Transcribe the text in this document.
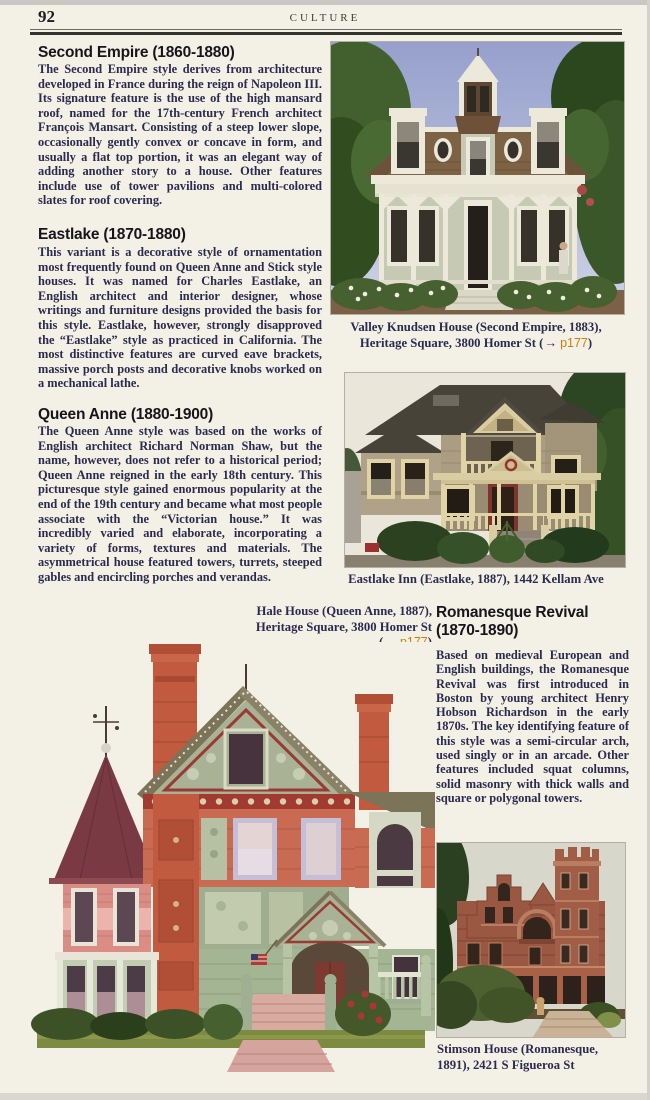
92	CULTURE
Second Empire (1860-1880)
The Second Empire style derives from architecture developed in France during the reign of Napoleon III. Its signature feature is the use of the high mansard roof, named for the 17th-century French architect François Mansart. Consisting of a steep lower slope, occasionally gently convex or concave in form, and usually a flat top portion, it was an elegant way of adding another story to a house. Other features include use of tower pavilions and multi-colored slates for roof covering.
Eastlake (1870-1880)
This variant is a decorative style of ornamentation most frequently found on Queen Anne and Stick style houses. It was named for Charles Eastlake, an English architect and interior designer, whose writings and furniture designs provided the basis for this style. Eastlake, however, strongly disapproved the “Eastlake” style as practiced in California. The most distinctive features are curved eave brackets, massive porch posts and decorative knobs worked on a mechanical lathe.
Queen Anne (1880-1900)
The Queen Anne style was based on the works of English architect Richard Norman Shaw, but the name, however, does not refer to a historical period; Queen Anne reigned in the early 18th century. This picturesque style gained enormous popularity at the end of the 19th century and became what most people associate with the “Victorian house.” It was incredibly varied and elaborate, incorporating a variety of forms, textures and materials. The asymmetrical house featured towers, turrets, steeped gables and encircling porches and verandas.
Valley Knudsen House (Second Empire, 1883),
Heritage Square, 3800 Homer St (→ p177)
Eastlake Inn (Eastlake, 1887), 1442 Kellam Ave
Hale House (Queen Anne, 1887),
Heritage Square, 3800 Homer St
Romanesque Revival
(1870-1890)
Based on medieval European and English buildings, the Romanesque Revival was first introduced in Boston by young architect Henry Hobson Richardson in the early 1870s. The key identifying feature of this style was a semi-circular arch, used singly or in an arcade. Other features included squat columns, solid masonry with thick walls and square or polygonal towers.
Stimson House (Romanesque,
1891), 2421 S Figueroa St
